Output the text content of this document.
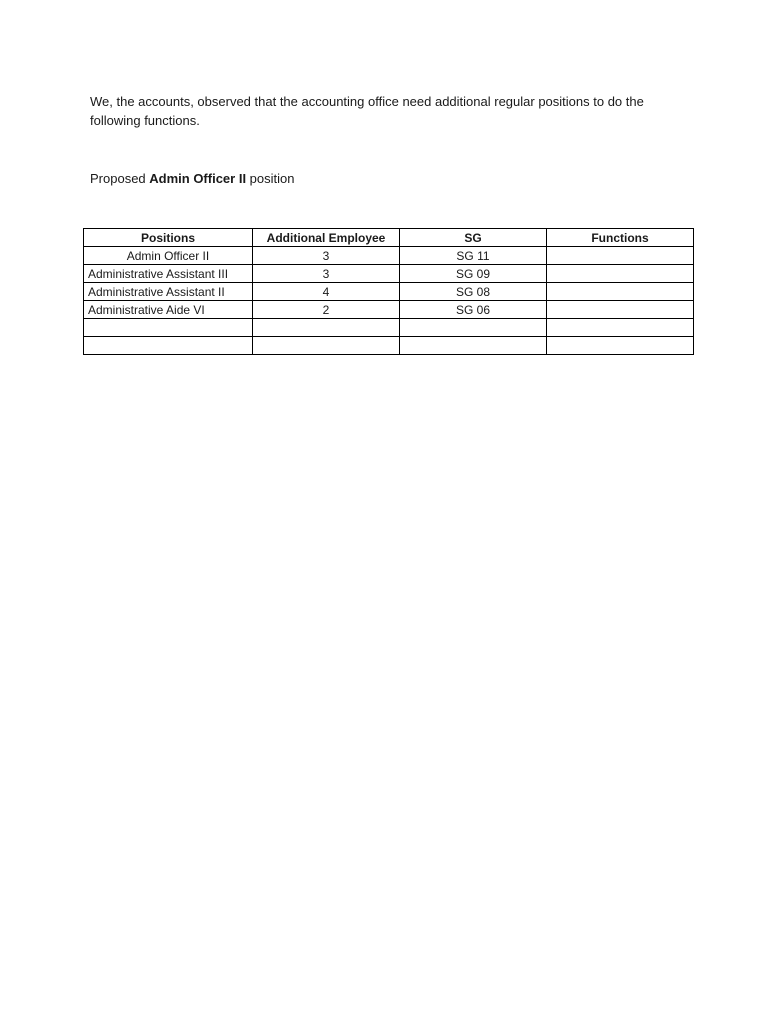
We, the accounts, observed that the accounting office need additional regular positions to do the following functions.

Proposed Admin Officer II position

Positions	Additional Employee	SG	Functions
Admin Officer II	3	SG 11	
Administrative Assistant III	3	SG 09	
Administrative Assistant II	4	SG 08	
Administrative Aide VI	2	SG 06	
